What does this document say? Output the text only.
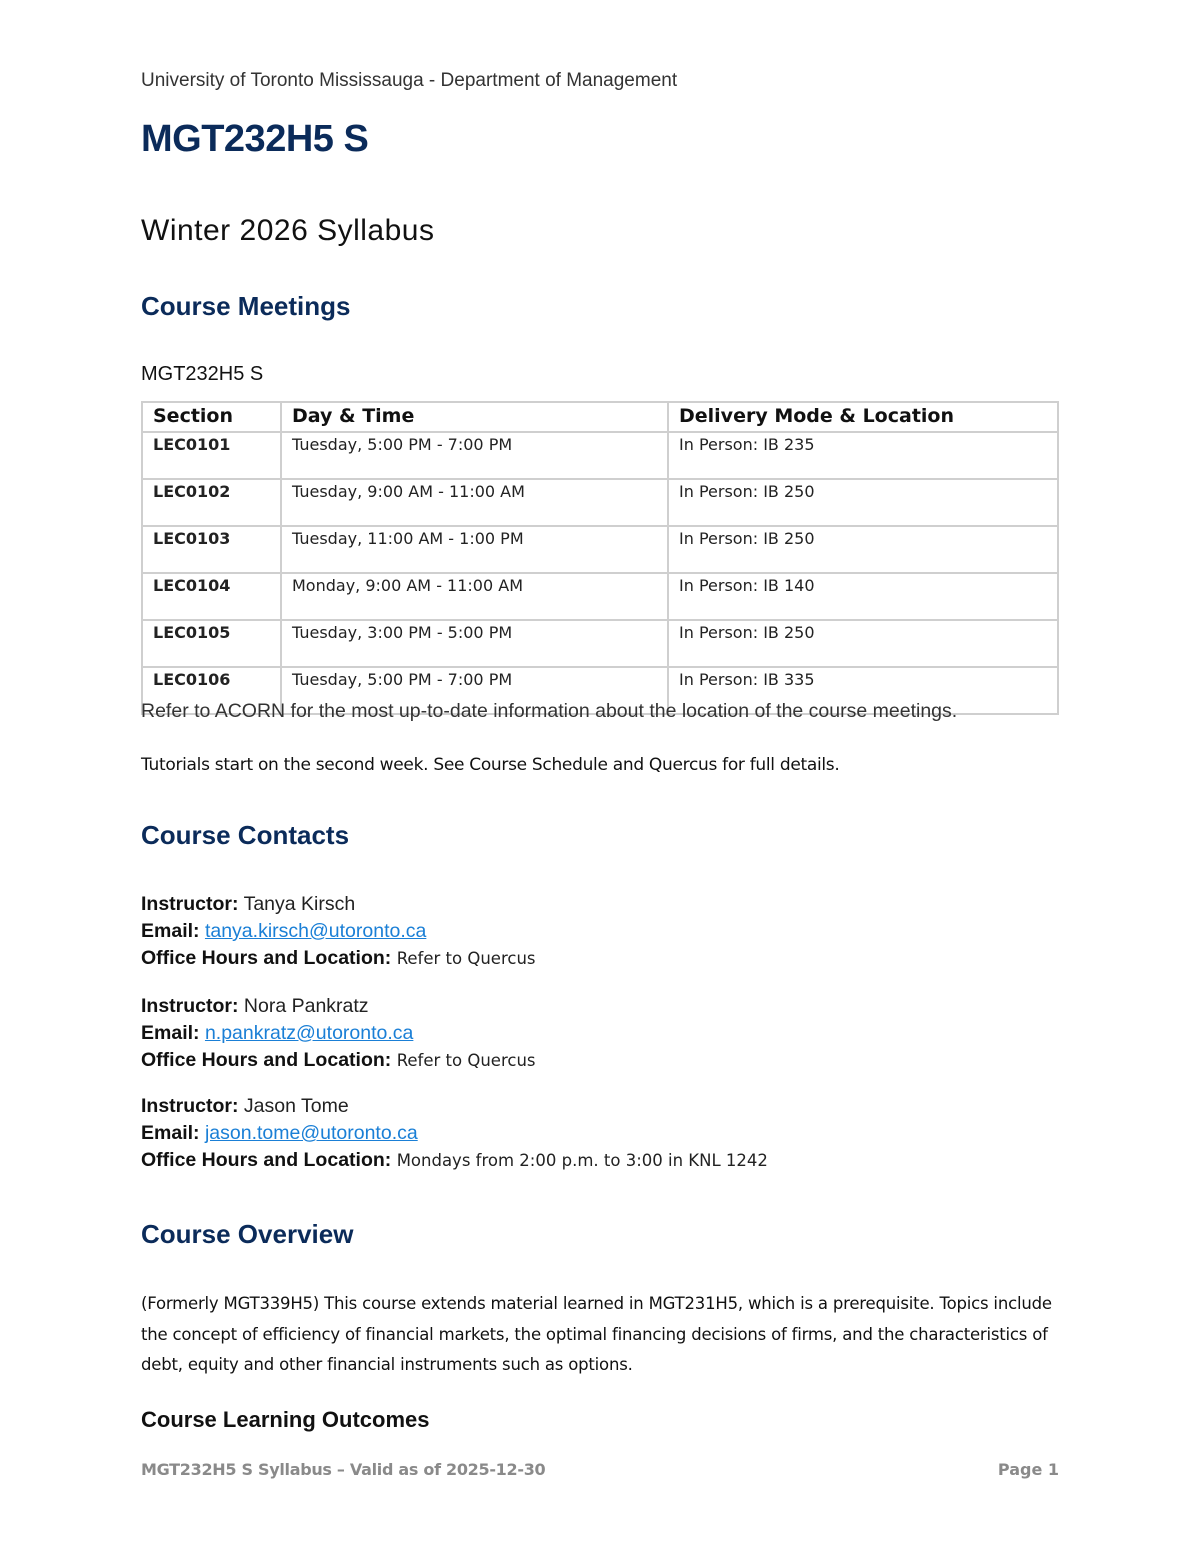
University of Toronto Mississauga - Department of Management
MGT232H5 S
Winter 2026 Syllabus
Course Meetings
MGT232H5 S
Section	Day & Time	Delivery Mode & Location
LEC0101	Tuesday, 5:00 PM - 7:00 PM	In Person: IB 235
LEC0102	Tuesday, 9:00 AM - 11:00 AM	In Person: IB 250
LEC0103	Tuesday, 11:00 AM - 1:00 PM	In Person: IB 250
LEC0104	Monday, 9:00 AM - 11:00 AM	In Person: IB 140
LEC0105	Tuesday, 3:00 PM - 5:00 PM	In Person: IB 250
LEC0106	Tuesday, 5:00 PM - 7:00 PM	In Person: IB 335
Refer to ACORN for the most up-to-date information about the location of the course meetings.
Tutorials start on the second week. See Course Schedule and Quercus for full details.
Course Contacts
Instructor: Tanya Kirsch
Email: tanya.kirsch@utoronto.ca
Office Hours and Location: Refer to Quercus
Instructor: Nora Pankratz
Email: n.pankratz@utoronto.ca
Office Hours and Location: Refer to Quercus
Instructor: Jason Tome
Email: jason.tome@utoronto.ca
Office Hours and Location: Mondays from 2:00 p.m. to 3:00 in KNL 1242
Course Overview
(Formerly MGT339H5) This course extends material learned in MGT231H5, which is a prerequisite. Topics include the concept of efficiency of financial markets, the optimal financing decisions of firms, and the characteristics of debt, equity and other financial instruments such as options.
Course Learning Outcomes
MGT232H5 S Syllabus – Valid as of 2025-12-30	Page 1
